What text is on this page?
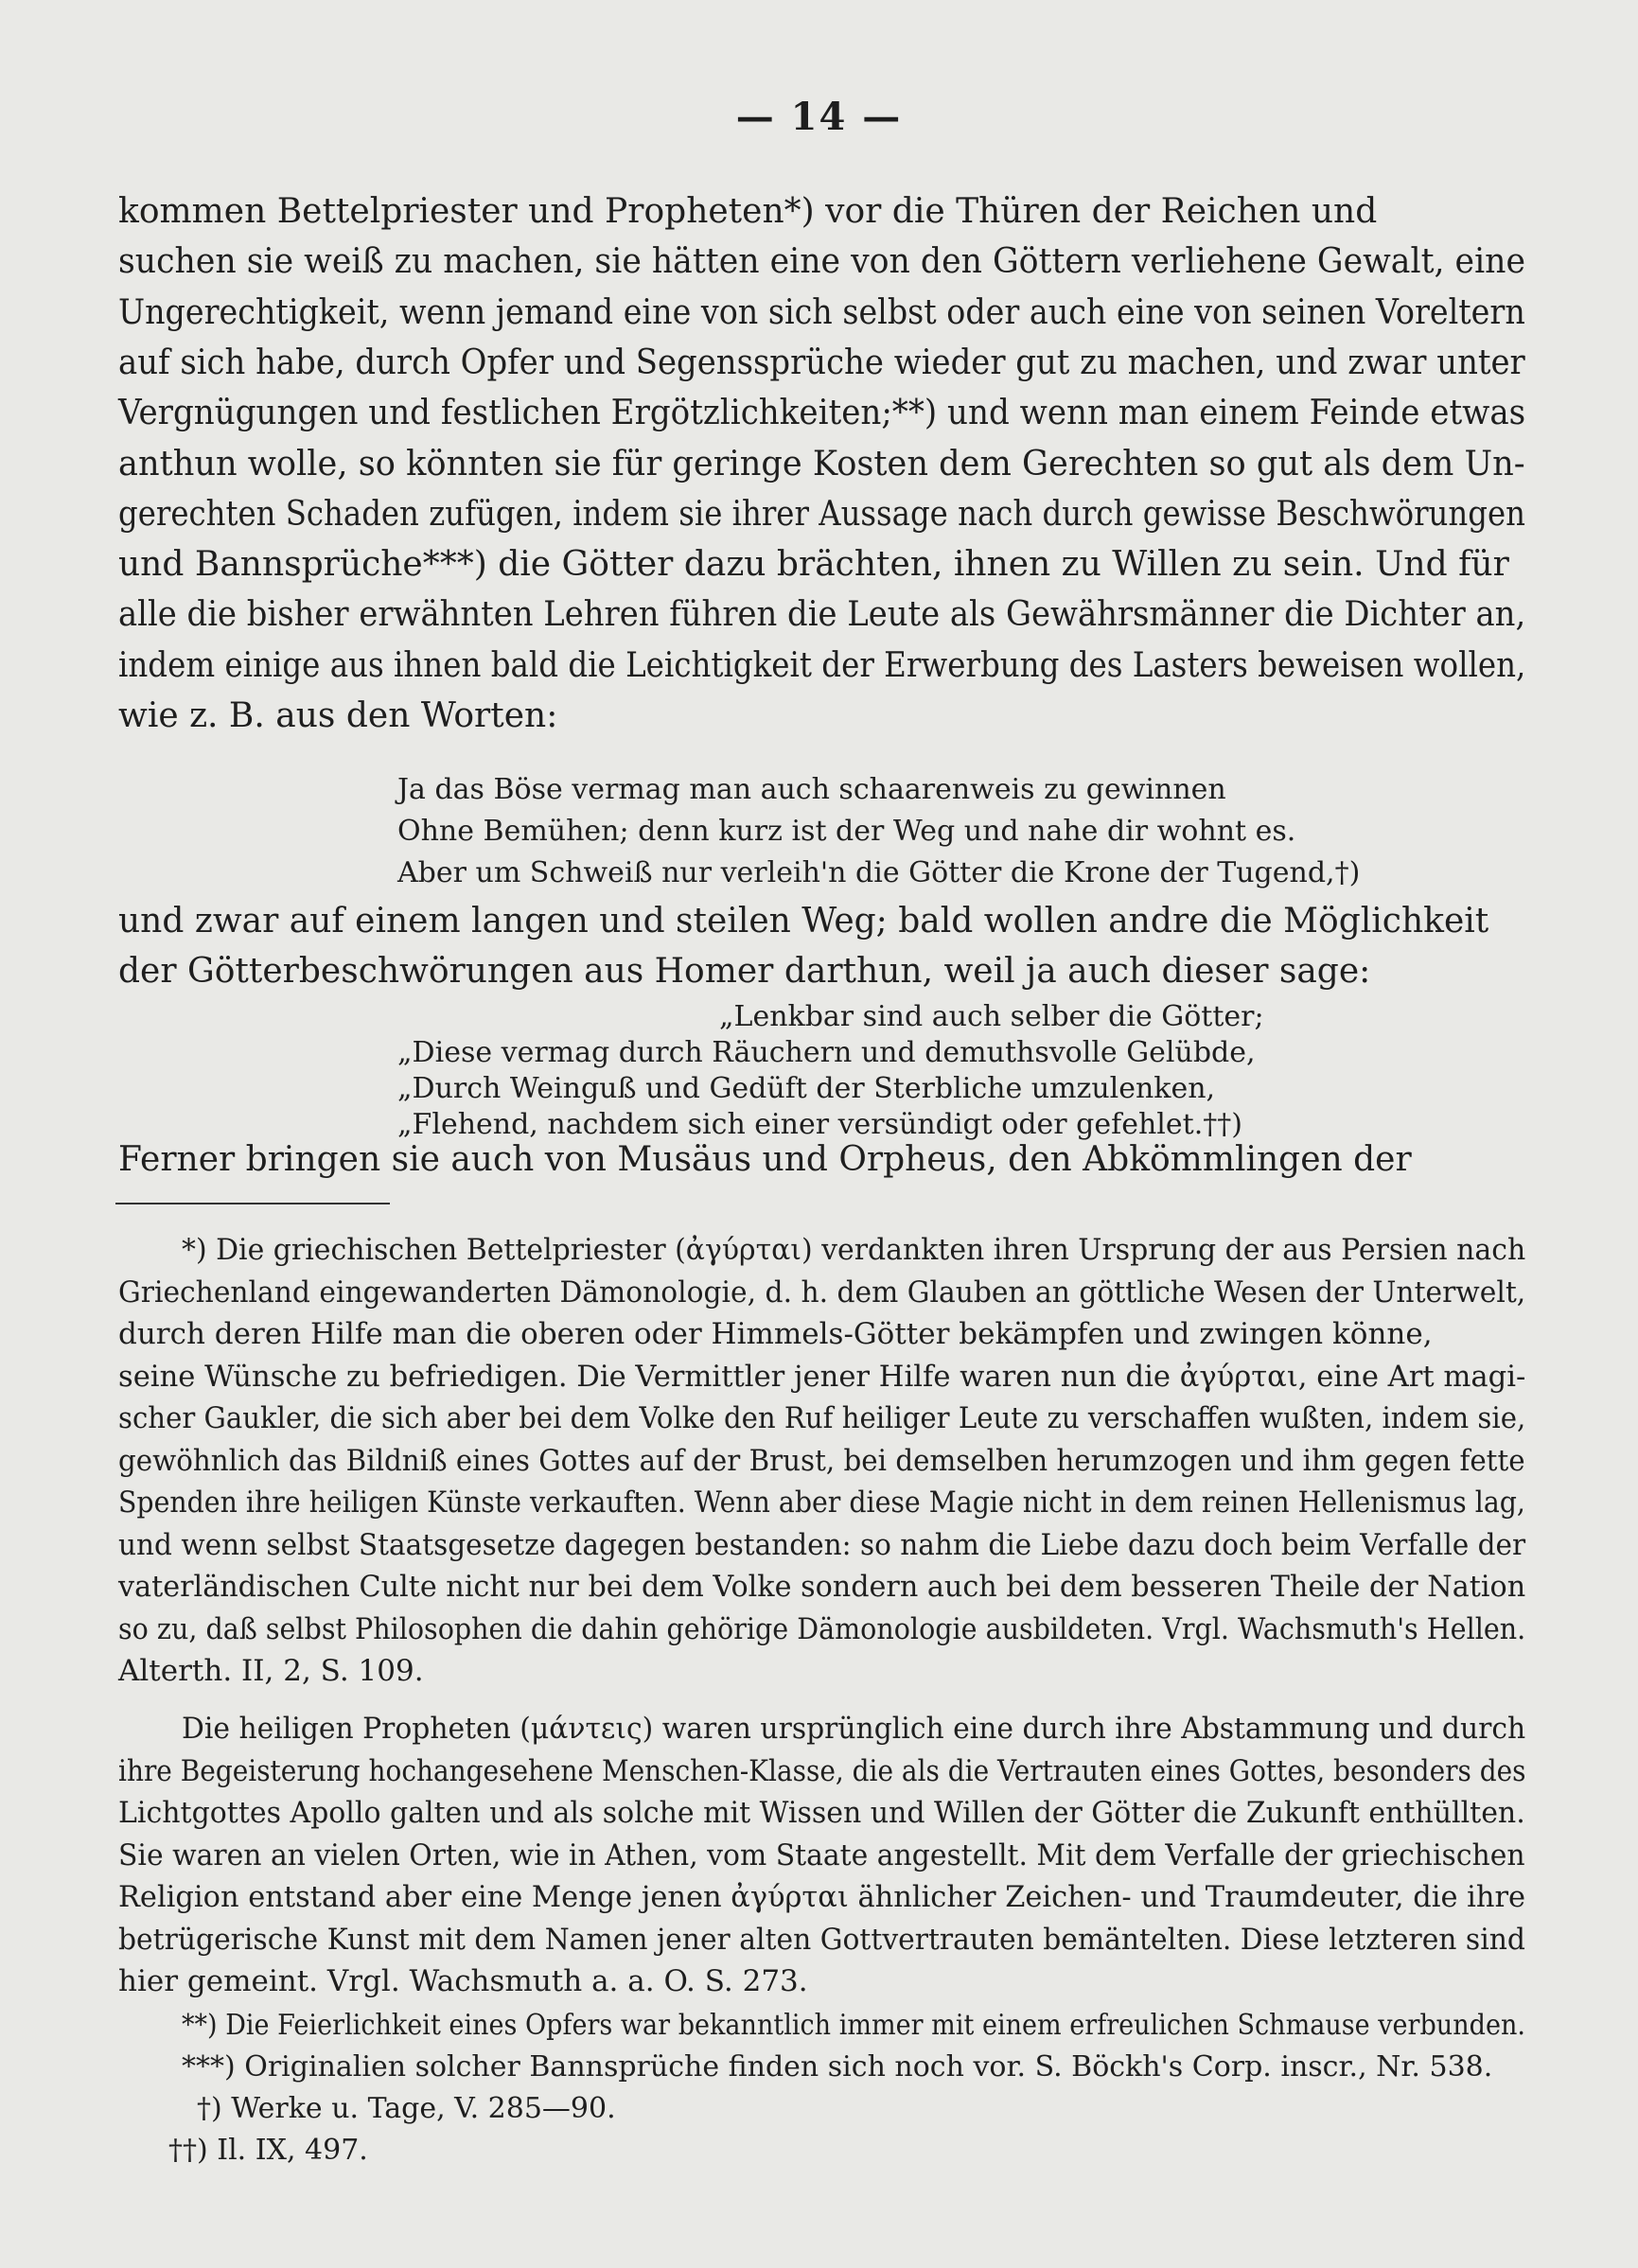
— 14 —
kommen Bettelpriester und Propheten*) vor die Thüren der Reichen und
suchen sie weiß zu machen, sie hätten eine von den Göttern verliehene Gewalt, eine
Ungerechtigkeit, wenn jemand eine von sich selbst oder auch eine von seinen Voreltern
auf sich habe, durch Opfer und Segenssprüche wieder gut zu machen, und zwar unter
Vergnügungen und festlichen Ergötzlichkeiten;**) und wenn man einem Feinde etwas
anthun wolle, so könnten sie für geringe Kosten dem Gerechten so gut als dem Un-
gerechten Schaden zufügen, indem sie ihrer Aussage nach durch gewisse Beschwörungen
und Bannsprüche***) die Götter dazu brächten, ihnen zu Willen zu sein. Und für
alle die bisher erwähnten Lehren führen die Leute als Gewährsmänner die Dichter an,
indem einige aus ihnen bald die Leichtigkeit der Erwerbung des Lasters beweisen wollen,
wie z. B. aus den Worten:
Ja das Böse vermag man auch schaarenweis zu gewinnen
Ohne Bemühen; denn kurz ist der Weg und nahe dir wohnt es.
Aber um Schweiß nur verleih'n die Götter die Krone der Tugend,†)
und zwar auf einem langen und steilen Weg; bald wollen andre die Möglichkeit
der Götterbeschwörungen aus Homer darthun, weil ja auch dieser sage:
„Lenkbar sind auch selber die Götter;
„Diese vermag durch Räuchern und demuthsvolle Gelübde,
„Durch Weinguß und Gedüft der Sterbliche umzulenken,
„Flehend, nachdem sich einer versündigt oder gefehlet.††)
Ferner bringen sie auch von Musäus und Orpheus, den Abkömmlingen der
*) Die griechischen Bettelpriester (ἀγύρται) verdankten ihren Ursprung der aus Persien nach
Griechenland eingewanderten Dämonologie, d. h. dem Glauben an göttliche Wesen der Unterwelt,
durch deren Hilfe man die oberen oder Himmels-Götter bekämpfen und zwingen könne,
seine Wünsche zu befriedigen. Die Vermittler jener Hilfe waren nun die ἀγύρται, eine Art magi-
scher Gaukler, die sich aber bei dem Volke den Ruf heiliger Leute zu verschaffen wußten, indem sie,
gewöhnlich das Bildniß eines Gottes auf der Brust, bei demselben herumzogen und ihm gegen fette
Spenden ihre heiligen Künste verkauften. Wenn aber diese Magie nicht in dem reinen Hellenismus lag,
und wenn selbst Staatsgesetze dagegen bestanden: so nahm die Liebe dazu doch beim Verfalle der
vaterländischen Culte nicht nur bei dem Volke sondern auch bei dem besseren Theile der Nation
so zu, daß selbst Philosophen die dahin gehörige Dämonologie ausbildeten. Vrgl. Wachsmuth's Hellen.
Alterth. II, 2, S. 109.
Die heiligen Propheten (μάντεις) waren ursprünglich eine durch ihre Abstammung und durch
ihre Begeisterung hochangesehene Menschen-Klasse, die als die Vertrauten eines Gottes, besonders des
Lichtgottes Apollo galten und als solche mit Wissen und Willen der Götter die Zukunft enthüllten.
Sie waren an vielen Orten, wie in Athen, vom Staate angestellt. Mit dem Verfalle der griechischen
Religion entstand aber eine Menge jenen ἀγύρται ähnlicher Zeichen- und Traumdeuter, die ihre
betrügerische Kunst mit dem Namen jener alten Gottvertrauten bemäntelten. Diese letzteren sind
hier gemeint. Vrgl. Wachsmuth a. a. O. S. 273.
**) Die Feierlichkeit eines Opfers war bekanntlich immer mit einem erfreulichen Schmause verbunden.
***) Originalien solcher Bannsprüche finden sich noch vor. S. Böckh's Corp. inscr., Nr. 538.
†) Werke u. Tage, V. 285—90.
††) Il. IX, 497.
